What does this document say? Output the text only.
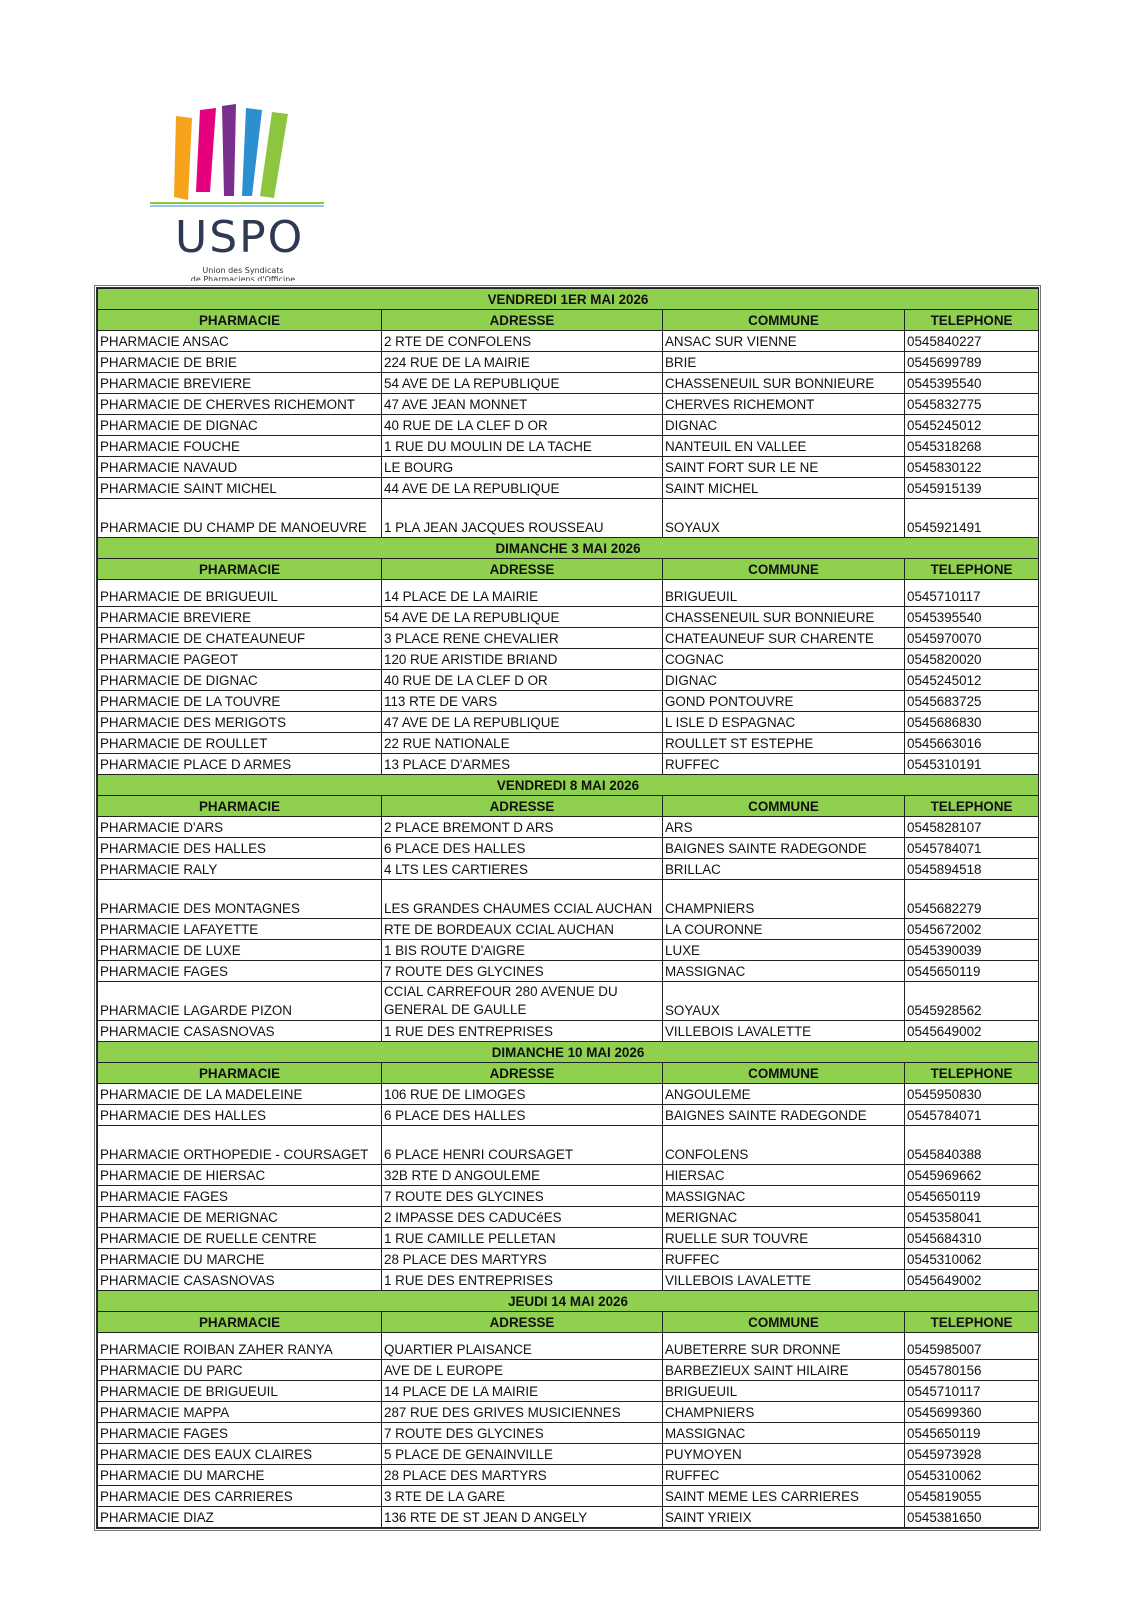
USPO
Union des Syndicats
de Pharmaciens d'Officine
VENDREDI 1ER MAI 2026			
PHARMACIE	ADRESSE	COMMUNE	TELEPHONE
PHARMACIE ANSAC	2 RTE DE CONFOLENS	ANSAC SUR VIENNE	0545840227
PHARMACIE DE BRIE	224 RUE DE LA MAIRIE	BRIE	0545699789
PHARMACIE BREVIERE	54 AVE DE LA REPUBLIQUE	CHASSENEUIL SUR BONNIEURE	0545395540
PHARMACIE DE CHERVES RICHEMONT	47 AVE JEAN MONNET	CHERVES RICHEMONT	0545832775
PHARMACIE DE DIGNAC	40 RUE DE LA CLEF D OR	DIGNAC	0545245012
PHARMACIE FOUCHE	1 RUE DU MOULIN DE LA TACHE	NANTEUIL EN VALLEE	0545318268
PHARMACIE NAVAUD	LE BOURG	SAINT FORT SUR LE NE	0545830122
PHARMACIE SAINT MICHEL	44 AVE DE LA REPUBLIQUE	SAINT MICHEL	0545915139
PHARMACIE DU CHAMP DE MANOEUVRE	1 PLA JEAN JACQUES ROUSSEAU	SOYAUX	0545921491
DIMANCHE 3 MAI 2026			
PHARMACIE	ADRESSE	COMMUNE	TELEPHONE
PHARMACIE DE BRIGUEUIL	14 PLACE DE LA MAIRIE	BRIGUEUIL	0545710117
PHARMACIE BREVIERE	54 AVE DE LA REPUBLIQUE	CHASSENEUIL SUR BONNIEURE	0545395540
PHARMACIE DE CHATEAUNEUF	3 PLACE RENE CHEVALIER	CHATEAUNEUF SUR CHARENTE	0545970070
PHARMACIE PAGEOT	120 RUE ARISTIDE BRIAND	COGNAC	0545820020
PHARMACIE DE DIGNAC	40 RUE DE LA CLEF D OR	DIGNAC	0545245012
PHARMACIE DE LA TOUVRE	113 RTE DE VARS	GOND PONTOUVRE	0545683725
PHARMACIE DES MERIGOTS	47 AVE DE LA REPUBLIQUE	L ISLE D ESPAGNAC	0545686830
PHARMACIE DE ROULLET	22 RUE NATIONALE	ROULLET ST ESTEPHE	0545663016
PHARMACIE PLACE D ARMES	13 PLACE D'ARMES	RUFFEC	0545310191
VENDREDI 8 MAI 2026			
PHARMACIE	ADRESSE	COMMUNE	TELEPHONE
PHARMACIE D'ARS	2 PLACE BREMONT D ARS	ARS	0545828107
PHARMACIE DES HALLES	6 PLACE DES HALLES	BAIGNES SAINTE RADEGONDE	0545784071
PHARMACIE RALY	4 LTS LES CARTIERES	BRILLAC	0545894518
PHARMACIE DES MONTAGNES	LES GRANDES CHAUMES CCIAL AUCHAN	CHAMPNIERS	0545682279
PHARMACIE LAFAYETTE	RTE DE BORDEAUX CCIAL AUCHAN	LA COURONNE	0545672002
PHARMACIE DE LUXE	1 BIS ROUTE D'AIGRE	LUXE	0545390039
PHARMACIE FAGES	7 ROUTE DES GLYCINES	MASSIGNAC	0545650119
PHARMACIE LAGARDE PIZON	CCIAL CARREFOUR 280 AVENUE DU GENERAL DE GAULLE	SOYAUX	0545928562
PHARMACIE CASASNOVAS	1 RUE DES ENTREPRISES	VILLEBOIS LAVALETTE	0545649002
DIMANCHE 10 MAI 2026			
PHARMACIE	ADRESSE	COMMUNE	TELEPHONE
PHARMACIE DE LA MADELEINE	106 RUE DE LIMOGES	ANGOULEME	0545950830
PHARMACIE DES HALLES	6 PLACE DES HALLES	BAIGNES SAINTE RADEGONDE	0545784071
PHARMACIE ORTHOPEDIE - COURSAGET	6 PLACE HENRI COURSAGET	CONFOLENS	0545840388
PHARMACIE DE HIERSAC	32B RTE D ANGOULEME	HIERSAC	0545969662
PHARMACIE FAGES	7 ROUTE DES GLYCINES	MASSIGNAC	0545650119
PHARMACIE DE MERIGNAC	2 IMPASSE DES CADUCéES	MERIGNAC	0545358041
PHARMACIE DE RUELLE CENTRE	1 RUE CAMILLE PELLETAN	RUELLE SUR TOUVRE	0545684310
PHARMACIE DU MARCHE	28 PLACE DES MARTYRS	RUFFEC	0545310062
PHARMACIE CASASNOVAS	1 RUE DES ENTREPRISES	VILLEBOIS LAVALETTE	0545649002
JEUDI 14 MAI 2026			
PHARMACIE	ADRESSE	COMMUNE	TELEPHONE
PHARMACIE ROIBAN ZAHER RANYA	QUARTIER PLAISANCE	AUBETERRE SUR DRONNE	0545985007
PHARMACIE DU PARC	AVE DE L EUROPE	BARBEZIEUX SAINT HILAIRE	0545780156
PHARMACIE DE BRIGUEUIL	14 PLACE DE LA MAIRIE	BRIGUEUIL	0545710117
PHARMACIE MAPPA	287 RUE DES GRIVES MUSICIENNES	CHAMPNIERS	0545699360
PHARMACIE FAGES	7 ROUTE DES GLYCINES	MASSIGNAC	0545650119
PHARMACIE DES EAUX CLAIRES	5 PLACE DE GENAINVILLE	PUYMOYEN	0545973928
PHARMACIE DU MARCHE	28 PLACE DES MARTYRS	RUFFEC	0545310062
PHARMACIE DES CARRIERES	3 RTE DE LA GARE	SAINT MEME LES CARRIERES	0545819055
PHARMACIE DIAZ	136 RTE DE ST JEAN D ANGELY	SAINT YRIEIX	0545381650
